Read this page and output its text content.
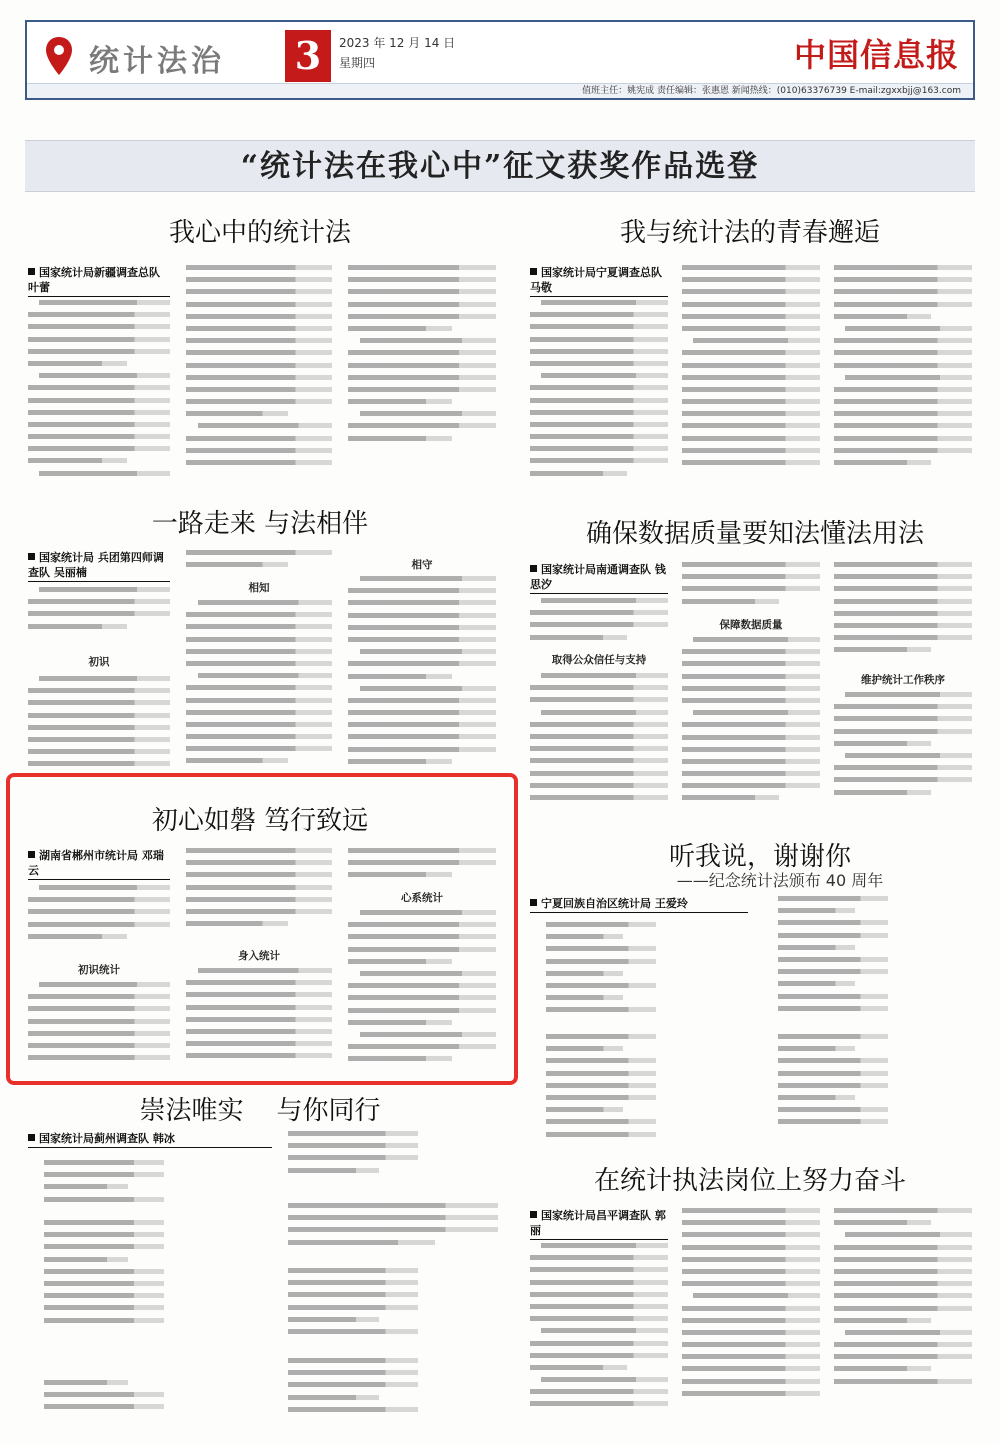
统计法治 3	2023 年 12 月 14 日
星期四	中国信息报
值班主任：姚宪成 责任编辑：张惠恩 新闻热线：(010)63376739 E-mail:zgxxbjj@163.com
“统计法在我心中”征文获奖作品选登
我心中的统计法
国家统计局新疆调查总队 叶蕾
我与统计法的青春邂逅
国家统计局宁夏调查总队 马敬
一路走来 与法相伴
国家统计局 兵团第四师调查队 吴丽楠
初识
相知
相守
确保数据质量要知法懂法用法
国家统计局南通调查队 钱思汐
取得公众信任与支持
保障数据质量
维护统计工作秩序
初心如磐 笃行致远
湖南省郴州市统计局 邓瑞云
初识统计
身入统计
心系统计
听我说，谢谢你
——纪念统计法颁布 40 周年
宁夏回族自治区统计局 王爱玲
崇法唯实    与你同行
国家统计局蓟州调查队 韩冰
在统计执法岗位上努力奋斗
国家统计局昌平调查队 郭丽
